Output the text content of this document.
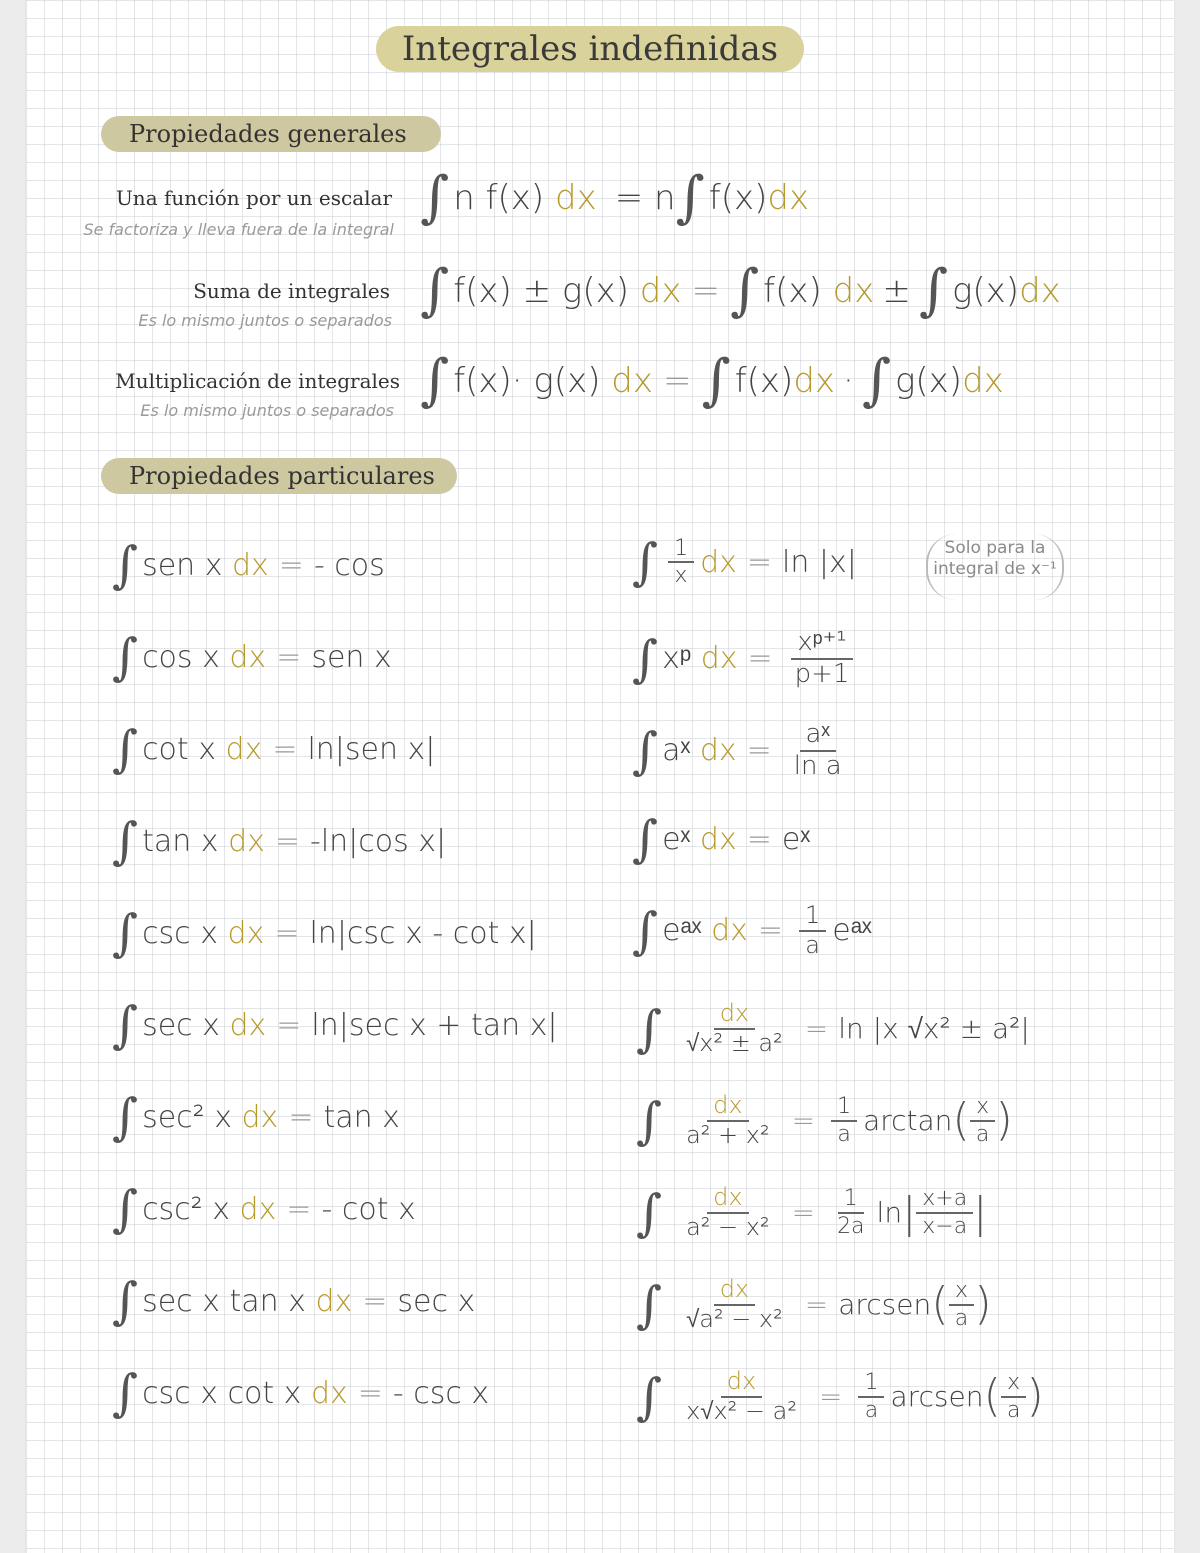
Integrales indefinidas
Propiedades generales
Una función por un escalar
Se factoriza y lleva fuera de la integral ∫ n f(x)
dx = n ∫ f(x) dx
Suma de integrales
Es lo mismo juntos o separados ∫ f(x) ± g(x)
dx = ∫ f(x)
dx ± ∫ g(x) dx
Multiplicación de integrales
Es lo mismo juntos o separados ∫ f(x)· g(x)
dx = ∫ f(x) dx · ∫ g(x) dx
Propiedades particulares
∫ sen x
dx = - cos
∫ cos x
dx = sen x
∫ cot x
dx = ln|sen x|
∫ tan x
dx = -ln|cos x|
∫ csc x
dx = ln|csc x - cot x|
∫ sec x
dx = ln|sec x + tan x|
∫ sec² x
dx = tan x
∫ csc² x
dx = - cot x
∫ sec x tan x
dx = sec x
∫ csc x cot x
dx = - csc x
∫ $\frac{1}{x}$ dx = ln |x|	Solo para la
integral de x⁻¹
∫ xᵖ
dx = $\frac{\text{xᵖ⁺¹}}{p+1}$
∫ aˣ
dx = $\frac{\text{aˣ}}{\text{ln a}}$
∫ eˣ
dx = eˣ
∫ eᵃˣ
dx = $\frac{1}{a}$ eᵃˣ
∫ $\frac{dx}{\text{√x² ± a²}} = \ln |x$ √x² ± a²|
∫ $\frac{dx}{\text{a² + x²}} = \frac{1}{a}$ arctan ( $\frac{x}{a}$ )
∫ $\frac{dx}{\text{a² − x²}} = \frac{1}{2a}$ ln | $\frac{x+a}{x-a}$ |
∫ $\frac{dx}{\text{√a² − x²}}$ = arcsen ( $\frac{x}{a}$ )
∫ $\frac{dx}{\text{x√x² − a²}} = \frac{1}{a}$ arcsen ( $\frac{x}{a}$ )
